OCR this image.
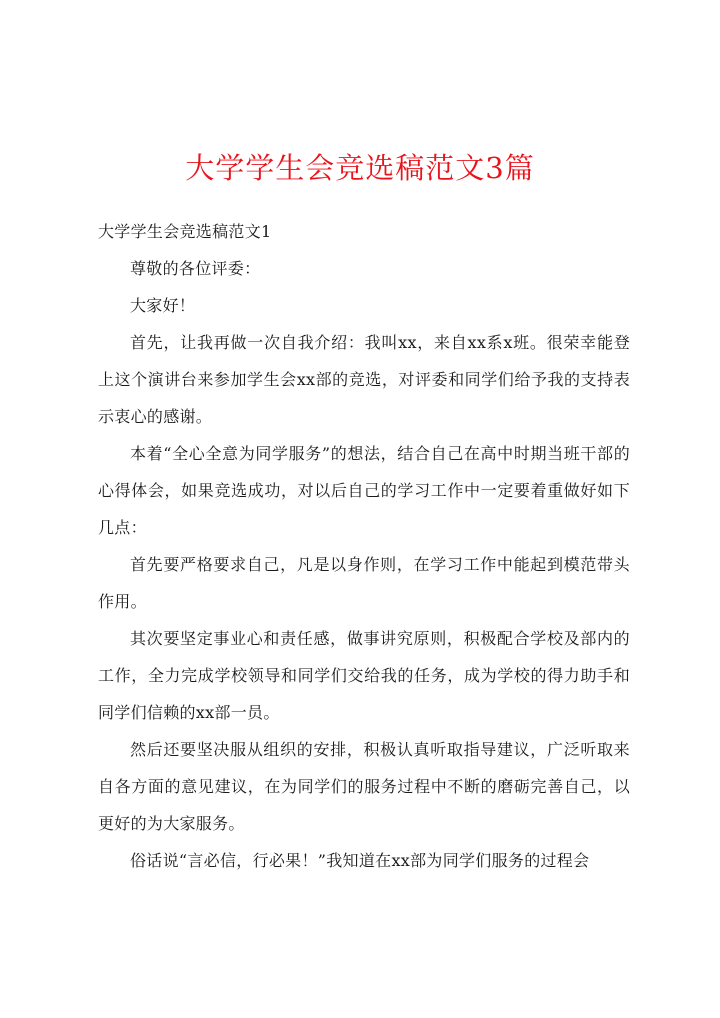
大学学生会竞选稿范文3篇

大学学生会竞选稿范文1

尊敬的各位评委：

大家好！

首先，让我再做一次自我介绍：我叫xx，来自xx系x班。很荣幸能登上这个演讲台来参加学生会xx部的竞选，对评委和同学们给予我的支持表示衷心的感谢。

本着“全心全意为同学服务”的想法，结合自己在高中时期当班干部的心得体会，如果竞选成功，对以后自己的学习工作中一定要着重做好如下几点：

首先要严格要求自己，凡是以身作则，在学习工作中能起到模范带头作用。

其次要坚定事业心和责任感，做事讲究原则，积极配合学校及部内的工作，全力完成学校领导和同学们交给我的任务，成为学校的得力助手和同学们信赖的xx部一员。

然后还要坚决服从组织的安排，积极认真听取指导建议，广泛听取来自各方面的意见建议，在为同学们的服务过程中不断的磨砺完善自己，以更好的为大家服务。

俗话说“言必信，行必果！”我知道在xx部为同学们服务的过程会
